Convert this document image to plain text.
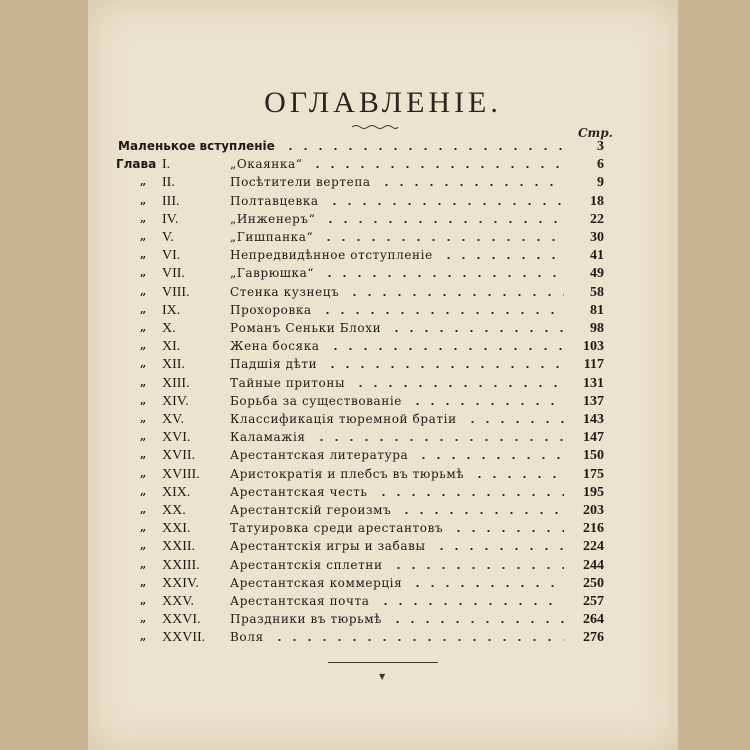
ОГЛАВЛЕНІЕ.
Стр.
Маленькое вступленіе	3
Глава I.	„Окаянка“	6
„ II.	Посѣтители вертепа	9
„ III.	Полтавцевка	18
„ IV.	„Инженеръ“	22
„ V.	„Гишпанка“	30
„ VI.	Непредвидѣнное отступленіе	41
„ VII.	„Гаврюшка“	49
„ VIII.	Стенка кузнецъ	58
„ IX.	Прохоровка	81
„ X.	Романъ Сеньки Блохи	98
„ XI.	Жена босяка	103
„ XII.	Падшія дѣти	117
„ XIII.	Тайные притоны	131
„ XIV.	Борьба за существованіе	137
„ XV.	Классификація тюремной братіи	143
„ XVI.	Каламажія	147
„ XVII.	Арестантская литература	150
„ XVIII.	Аристократія и плебсъ въ тюрьмѣ	175
„ XIX.	Арестантская честь	195
„ XX.	Арестантскій героизмъ	203
„ XXI.	Татуировка среди арестантовъ	216
„ XXII.	Арестантскія игры и забавы	224
„ XXIII.	Арестантскія сплетни	244
„ XXIV.	Арестантская коммерція	250
„ XXV.	Арестантская почта	257
„ XXVI.	Праздники въ тюрьмѣ	264
„ XXVII.	Воля	276
▼
